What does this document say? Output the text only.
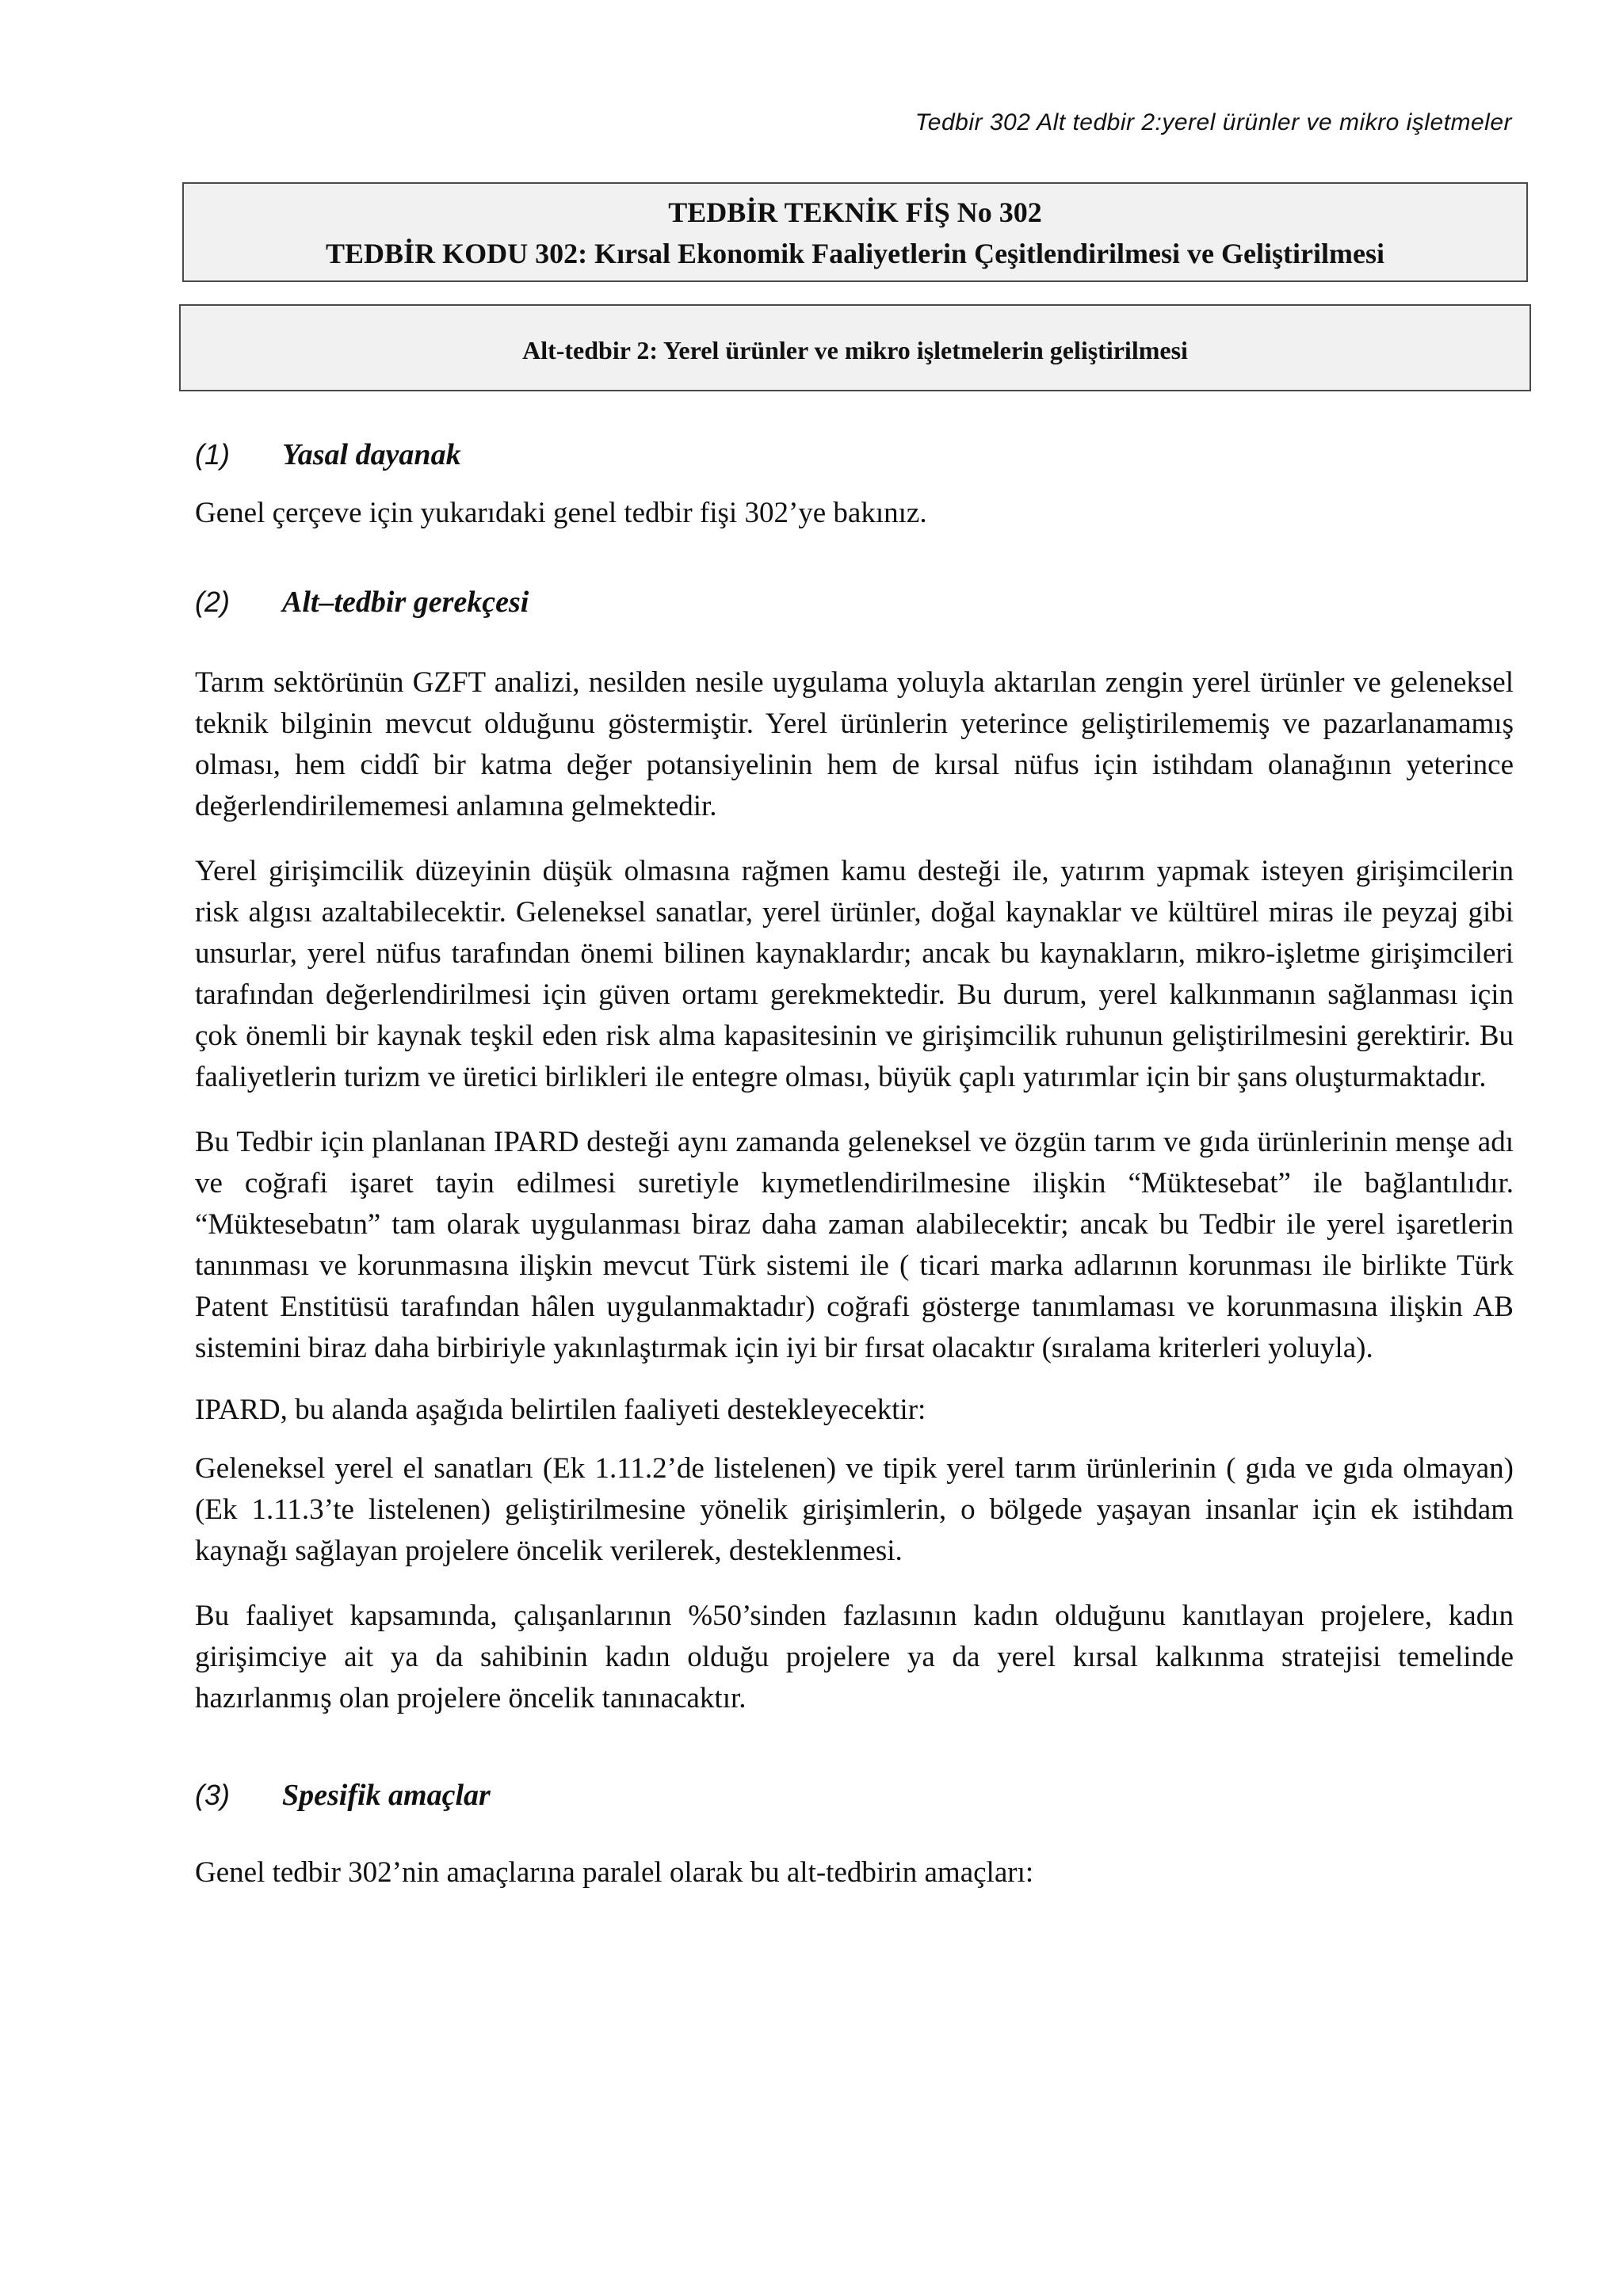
Tedbir 302 Alt tedbir 2:yerel ürünler ve mikro işletmeler
TEDBİR TEKNİK FİŞ No 302
TEDBİR KODU 302: Kırsal Ekonomik Faaliyetlerin Çeşitlendirilmesi ve Geliştirilmesi
Alt-tedbir 2: Yerel ürünler ve mikro işletmelerin geliştirilmesi
(1)	Yasal dayanak

Genel çerçeve için yukarıdaki genel tedbir fişi 302’ye bakınız.

(2)	Alt–tedbir gerekçesi

Tarım sektörünün GZFT analizi, nesilden nesile uygulama yoluyla aktarılan zengin yerel ürünler ve geleneksel teknik bilginin mevcut olduğunu göstermiştir. Yerel ürünlerin yeterince geliştirilememiş ve pazarlanamamış olması, hem ciddî bir katma değer potansiyelinin hem de kırsal nüfus için istihdam olanağının yeterince değerlendirilememesi anlamına gelmektedir.

Yerel girişimcilik düzeyinin düşük olmasına rağmen kamu desteği ile, yatırım yapmak isteyen girişimcilerin risk algısı azaltabilecektir. Geleneksel sanatlar, yerel ürünler, doğal kaynaklar ve kültürel miras ile peyzaj gibi unsurlar, yerel nüfus tarafından önemi bilinen kaynaklardır; ancak bu kaynakların, mikro-işletme girişimcileri tarafından değerlendirilmesi için güven ortamı gerekmektedir. Bu durum, yerel kalkınmanın sağlanması için çok önemli bir kaynak teşkil eden risk alma kapasitesinin ve girişimcilik ruhunun geliştirilmesini gerektirir. Bu faaliyetlerin turizm ve üretici birlikleri ile entegre olması, büyük çaplı yatırımlar için bir şans oluşturmaktadır.

Bu Tedbir için planlanan IPARD desteği aynı zamanda geleneksel ve özgün tarım ve gıda ürünlerinin menşe adı ve coğrafi işaret tayin edilmesi suretiyle kıymetlendirilmesine ilişkin “Müktesebat” ile bağlantılıdır. “Müktesebatın” tam olarak uygulanması biraz daha zaman alabilecektir; ancak bu Tedbir ile yerel işaretlerin tanınması ve korunmasına ilişkin mevcut Türk sistemi ile ( ticari marka adlarının korunması ile birlikte Türk Patent Enstitüsü tarafından hâlen uygulanmaktadır) coğrafi gösterge tanımlaması ve korunmasına ilişkin AB sistemini biraz daha birbiriyle yakınlaştırmak için iyi bir fırsat olacaktır (sıralama kriterleri yoluyla).

IPARD, bu alanda aşağıda belirtilen faaliyeti destekleyecektir:

Geleneksel yerel el sanatları (Ek 1.11.2’de listelenen) ve tipik yerel tarım ürünlerinin ( gıda ve gıda olmayan) (Ek 1.11.3’te listelenen) geliştirilmesine yönelik girişimlerin, o bölgede yaşayan insanlar için ek istihdam kaynağı sağlayan projelere öncelik verilerek, desteklenmesi.

Bu faaliyet kapsamında, çalışanlarının %50’sinden fazlasının kadın olduğunu kanıtlayan projelere, kadın girişimciye ait ya da sahibinin kadın olduğu projelere ya da yerel kırsal kalkınma stratejisi temelinde hazırlanmış olan projelere öncelik tanınacaktır.

(3)	Spesifik amaçlar

Genel tedbir 302’nin amaçlarına paralel olarak bu alt-tedbirin amaçları:
